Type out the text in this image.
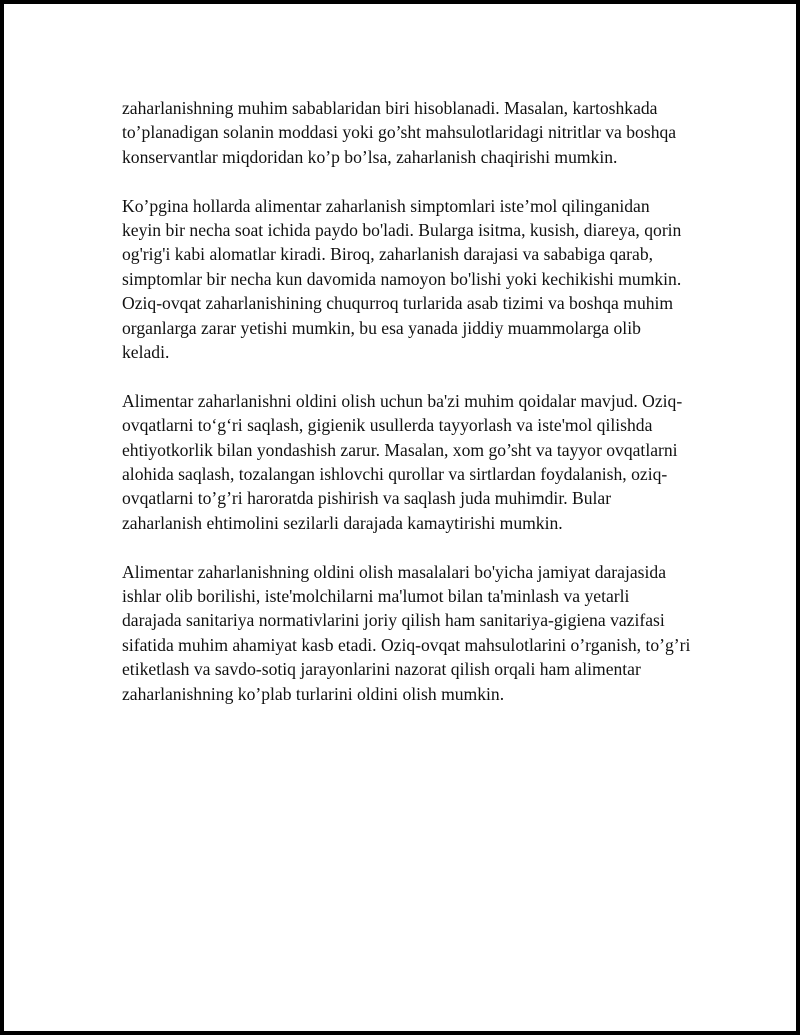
zaharlanishning muhim sabablaridan biri hisoblanadi. Masalan, kartoshkada to’planadigan solanin moddasi yoki go’sht mahsulotlaridagi nitritlar va boshqa konservantlar miqdoridan ko’p bo’lsa, zaharlanish chaqirishi mumkin.

Ko’pgina hollarda alimentar zaharlanish simptomlari iste’mol qilinganidan keyin bir necha soat ichida paydo bo'ladi. Bularga isitma, kusish, diareya, qorin og'rig'i kabi alomatlar kiradi. Biroq, zaharlanish darajasi va sababiga qarab, simptomlar bir necha kun davomida namoyon bo'lishi yoki kechikishi mumkin. Oziq-ovqat zaharlanishining chuqurroq turlarida asab tizimi va boshqa muhim organlarga zarar yetishi mumkin, bu esa yanada jiddiy muammolarga olib keladi.

Alimentar zaharlanishni oldini olish uchun ba'zi muhim qoidalar mavjud. Oziq-ovqatlarni to‘g‘ri saqlash, gigienik usullerda tayyorlash va iste'mol qilishda ehtiyotkorlik bilan yondashish zarur. Masalan, xom go’sht va tayyor ovqatlarni alohida saqlash, tozalangan ishlovchi qurollar va sirtlardan foydalanish, oziq-ovqatlarni to’g’ri haroratda pishirish va saqlash juda muhimdir. Bular zaharlanish ehtimolini sezilarli darajada kamaytirishi mumkin.

Alimentar zaharlanishning oldini olish masalalari bo'yicha jamiyat darajasida ishlar olib borilishi, iste'molchilarni ma'lumot bilan ta'minlash va yetarli darajada sanitariya normativlarini joriy qilish ham sanitariya-gigiena vazifasi sifatida muhim ahamiyat kasb etadi. Oziq-ovqat mahsulotlarini o’rganish, to’g’ri etiketlash va savdo-sotiq jarayonlarini nazorat qilish orqali ham alimentar zaharlanishning ko’plab turlarini oldini olish mumkin.
